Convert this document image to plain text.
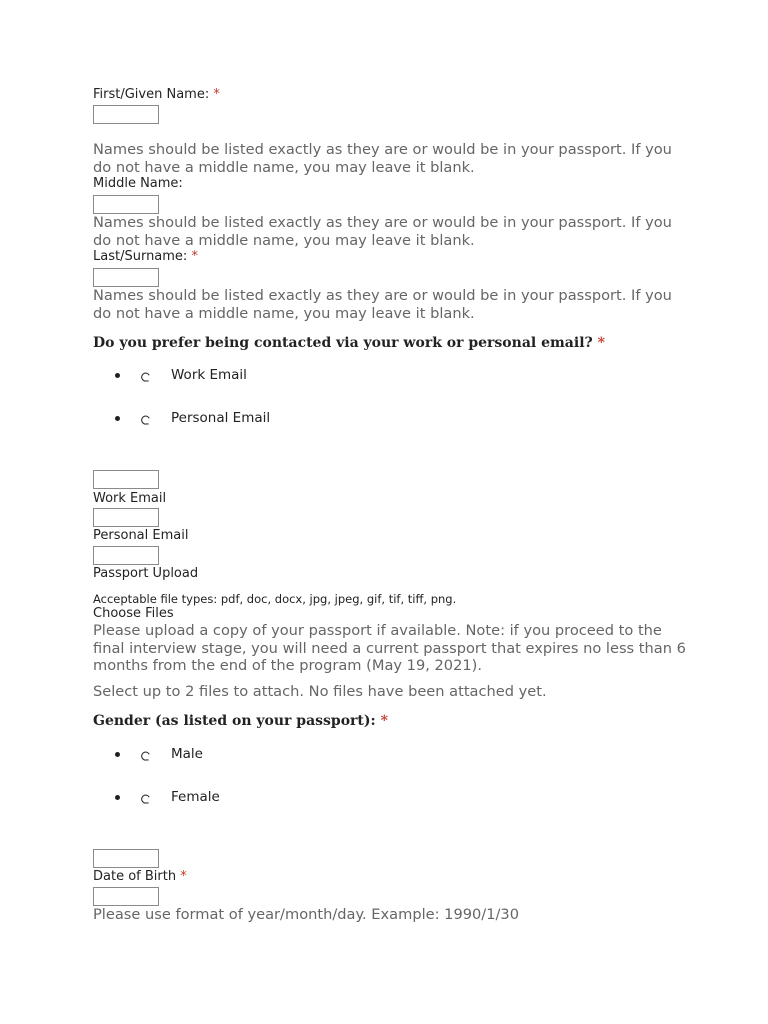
First/Given Name: *
Names should be listed exactly as they are or would be in your passport. If you do not have a middle name, you may leave it blank.
Middle Name:
Names should be listed exactly as they are or would be in your passport. If you do not have a middle name, you may leave it blank.
Last/Surname: *
Names should be listed exactly as they are or would be in your passport. If you do not have a middle name, you may leave it blank.
Do you prefer being contacted via your work or personal email? *
Work Email
Personal Email
Work Email
Personal Email
Passport Upload
Acceptable file types: pdf, doc, docx, jpg, jpeg, gif, tif, tiff, png.
Choose Files
Please upload a copy of your passport if available. Note: if you proceed to the final interview stage, you will need a current passport that expires no less than 6 months from the end of the program (May 19, 2021).
Select up to 2 files to attach. No files have been attached yet.
Gender (as listed on your passport): *
Male
Female
Date of Birth *
Please use format of year/month/day. Example: 1990/1/30
